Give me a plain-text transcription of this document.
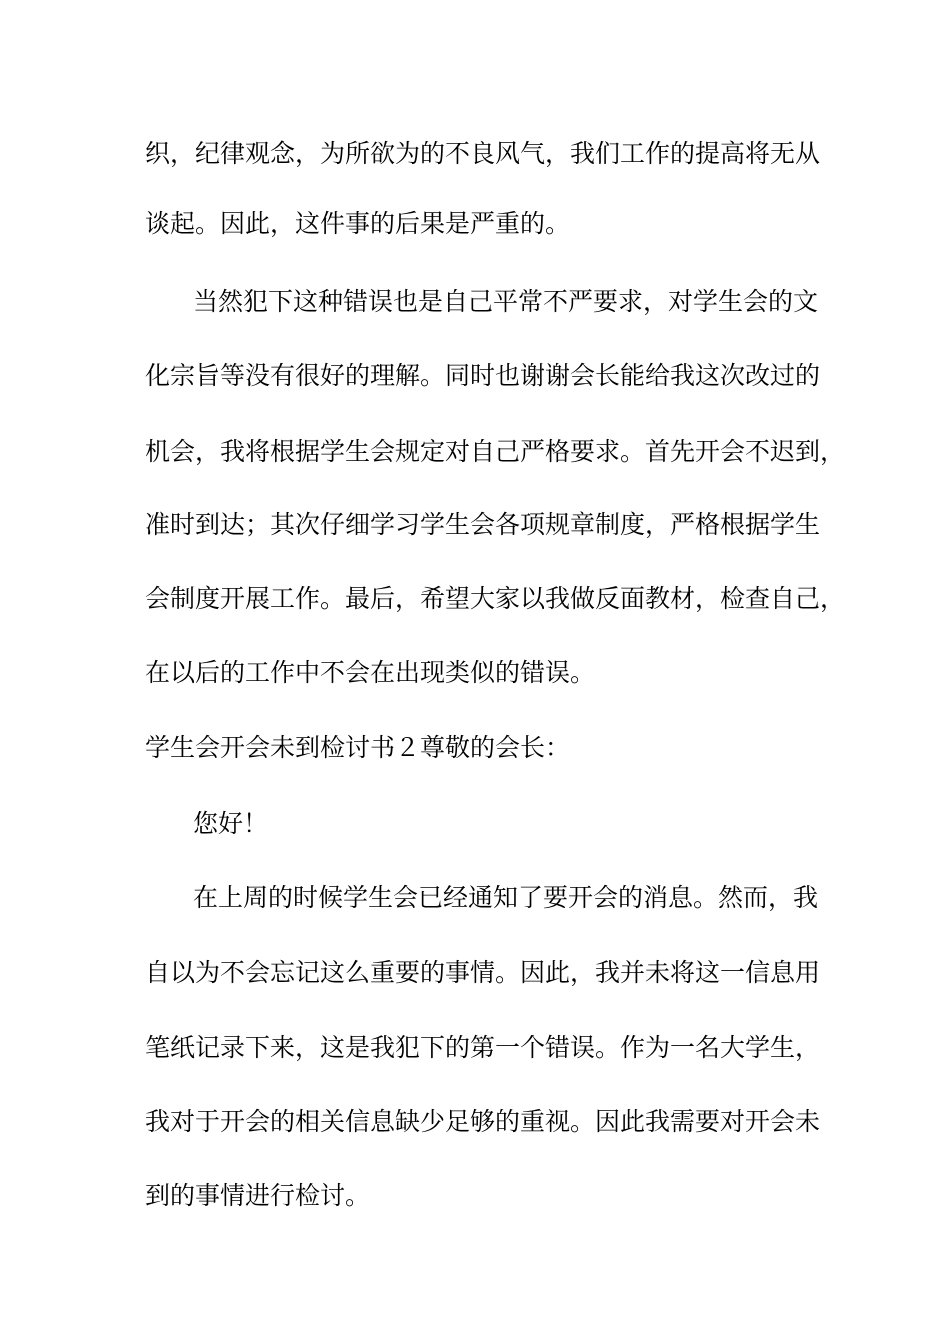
织，纪律观念，为所欲为的不良风气，我们工作的提高将无从
谈起。因此，这件事的后果是严重的。
当然犯下这种错误也是自己平常不严要求，对学生会的文
化宗旨等没有很好的理解。同时也谢谢会长能给我这次改过的
机会，我将根据学生会规定对自己严格要求。首先开会不迟到，
准时到达；其次仔细学习学生会各项规章制度，严格根据学生
会制度开展工作。最后，希望大家以我做反面教材，检查自己，
在以后的工作中不会在出现类似的错误。
学生会开会未到检讨书２尊敬的会长：
您好！
在上周的时候学生会已经通知了要开会的消息。然而，我
自以为不会忘记这么重要的事情。因此，我并未将这一信息用
笔纸记录下来，这是我犯下的第一个错误。作为一名大学生，
我对于开会的相关信息缺少足够的重视。因此我需要对开会未
到的事情进行检讨。
